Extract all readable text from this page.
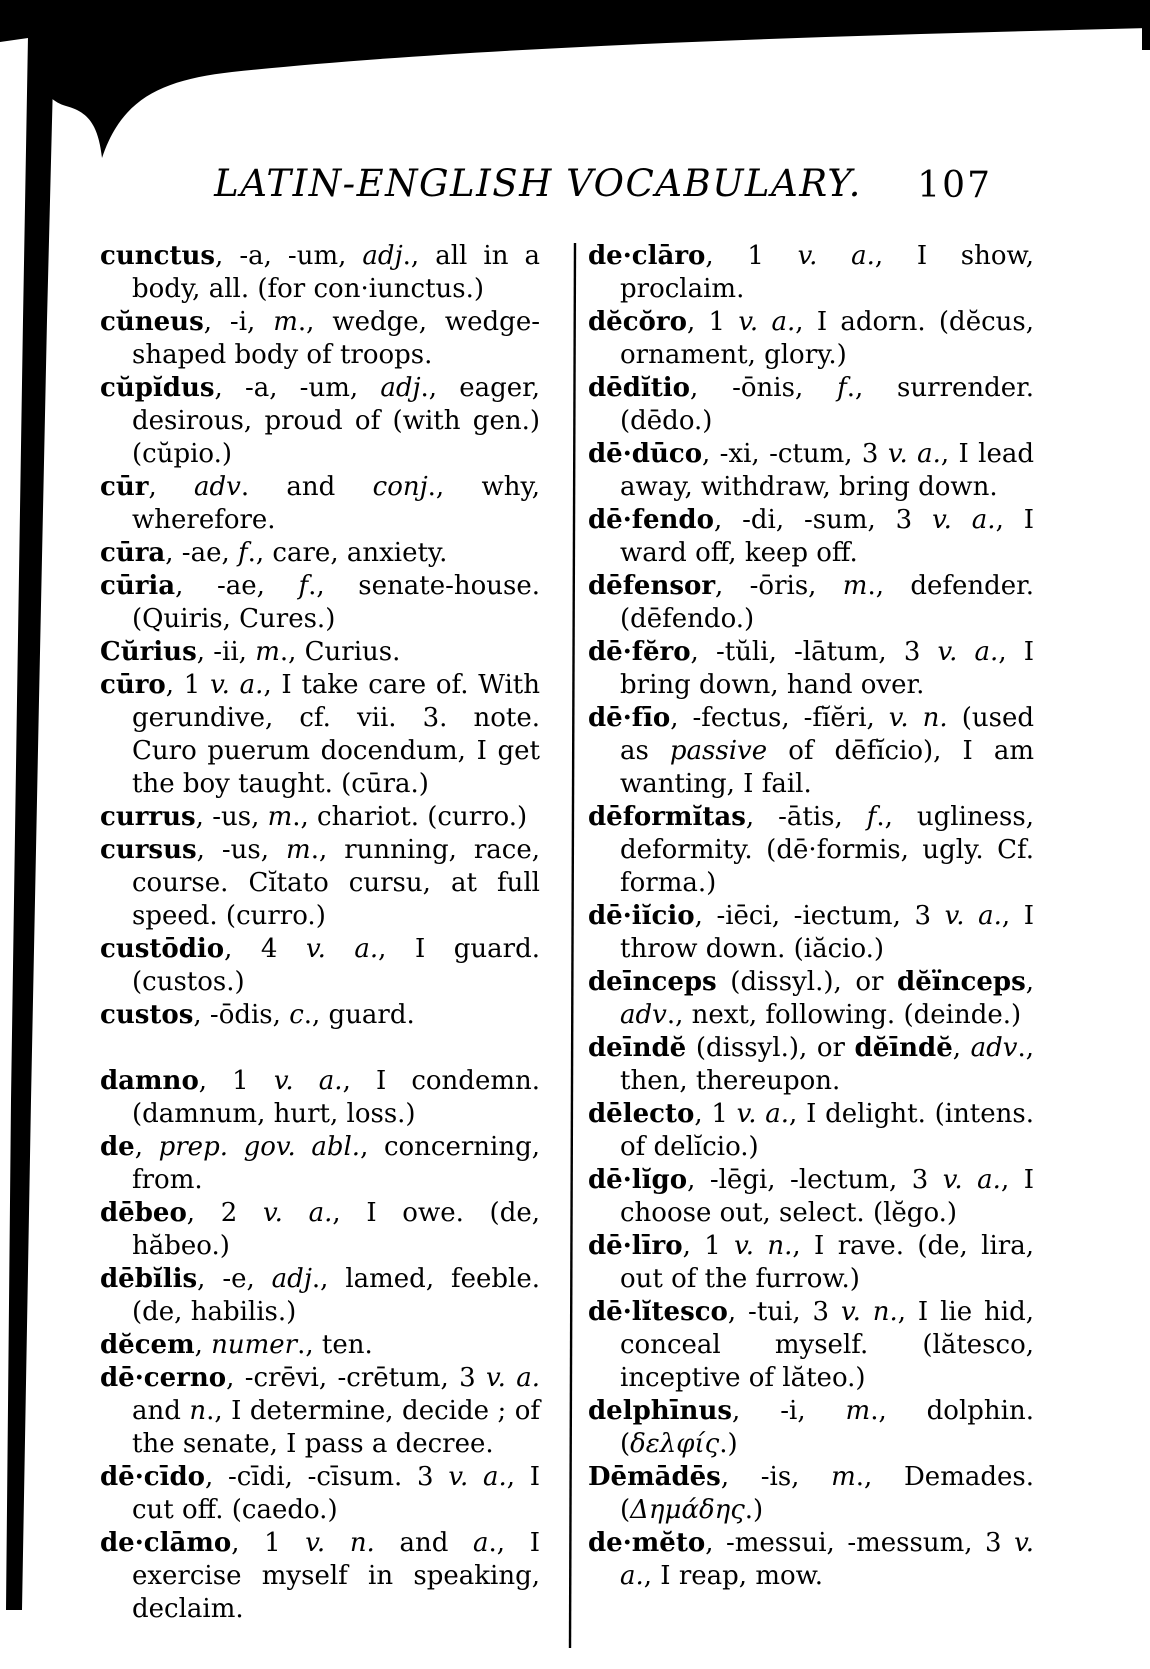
LATIN-ENGLISH VOCABULARY.	107

cunctus, -a, -um, adj., all in a body, all. (for con·iunctus.)

cŭneus, -i, m., wedge, wedge-shaped body of troops.

cŭpĭdus, -a, -um, adj., eager, desirous, proud of (with gen.) (cŭpio.)

cūr, adv. and conj., why, wherefore.

cūra, -ae, f., care, anxiety.

cūria, -ae, f., senate-house. (Quiris, Cures.)

Cŭrius, -ii, m., Curius.

cūro, 1 v. a., I take care of. With gerundive, cf. vii. 3. note. Curo puerum docendum, I get the boy taught. (cūra.)

currus, -us, m., chariot. (curro.)

cursus, -us, m., running, race, course. Cĭtato cursu, at full speed. (curro.)

custōdio, 4 v. a., I guard. (custos.)

custos, -ōdis, c., guard.

damno, 1 v. a., I condemn. (damnum, hurt, loss.)

de, prep. gov. abl., concerning, from.

dēbeo, 2 v. a., I owe. (de, hăbeo.)

dēbĭlis, -e, adj., lamed, feeble. (de, habilis.)

dĕcem, numer., ten.

dē·cerno, -crēvi, -crētum, 3 v. a. and n., I determine, decide ; of the senate, I pass a decree.

dē·cīdo, -cīdi, -cīsum. 3 v. a., I cut off. (caedo.)

de·clāmo, 1 v. n. and a., I exercise myself in speaking, declaim.

de·clāro, 1 v. a., I show, proclaim.

dĕcŏro, 1 v. a., I adorn. (dĕcus, ornament, glory.)

dēdĭtio, -ōnis, f., surrender. (dēdo.)

dē·dūco, -xi, -ctum, 3 v. a., I lead away, withdraw, bring down.

dē·fendo, -di, -sum, 3 v. a., I ward off, keep off.

dēfensor, -ōris, m., defender. (dēfendo.)

dē·fĕro, -tŭli, -lātum, 3 v. a., I bring down, hand over.

dē·fīo, -fectus, -fĭĕri, v. n. (used as passive of dēfĭcio), I am wanting, I fail.

dēformĭtas, -ātis, f., ugliness, deformity. (dē·formis, ugly. Cf. forma.)

dē·iĭcio, -iēci, -iectum, 3 v. a., I throw down. (iăcio.)

deīnceps (dissyl.), or dĕïnceps, adv., next, following. (deinde.)

deīndĕ (dissyl.), or dĕīndĕ, adv., then, thereupon.

dēlecto, 1 v. a., I delight. (intens. of delĭcio.)

dē·lĭgo, -lēgi, -lectum, 3 v. a., I choose out, select. (lĕgo.)

dē·līro, 1 v. n., I rave. (de, lira, out of the furrow.)

dē·lĭtesco, -tui, 3 v. n., I lie hid, conceal myself. (lătesco, inceptive of lăteo.)

delphīnus, -i, m., dolphin. (δελφίς.)

Dēmādēs, -is, m., Demades. (Δημάδης.)

de·mĕto, -messui, -messum, 3 v. a., I reap, mow.
